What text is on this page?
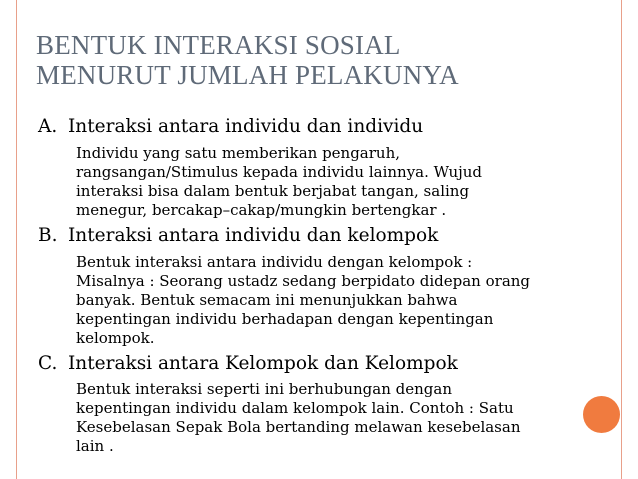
BENTUK INTERAKSI SOSIAL
MENURUT JUMLAH PELAKUNYA
A. Interaksi antara individu dan individu
Individu yang satu memberikan pengaruh,
rangsangan/Stimulus kepada individu lainnya. Wujud
interaksi bisa dalam bentuk berjabat tangan, saling
menegur, bercakap–cakap/mungkin bertengkar .
B. Interaksi antara individu dan kelompok
Bentuk interaksi antara individu dengan kelompok :
Misalnya : Seorang ustadz sedang berpidato didepan orang
banyak. Bentuk semacam ini menunjukkan bahwa
kepentingan individu berhadapan dengan kepentingan
kelompok.
C. Interaksi antara Kelompok dan Kelompok
Bentuk interaksi seperti ini berhubungan dengan
kepentingan individu dalam kelompok lain. Contoh : Satu
Kesebelasan Sepak Bola bertanding melawan kesebelasan
lain .
